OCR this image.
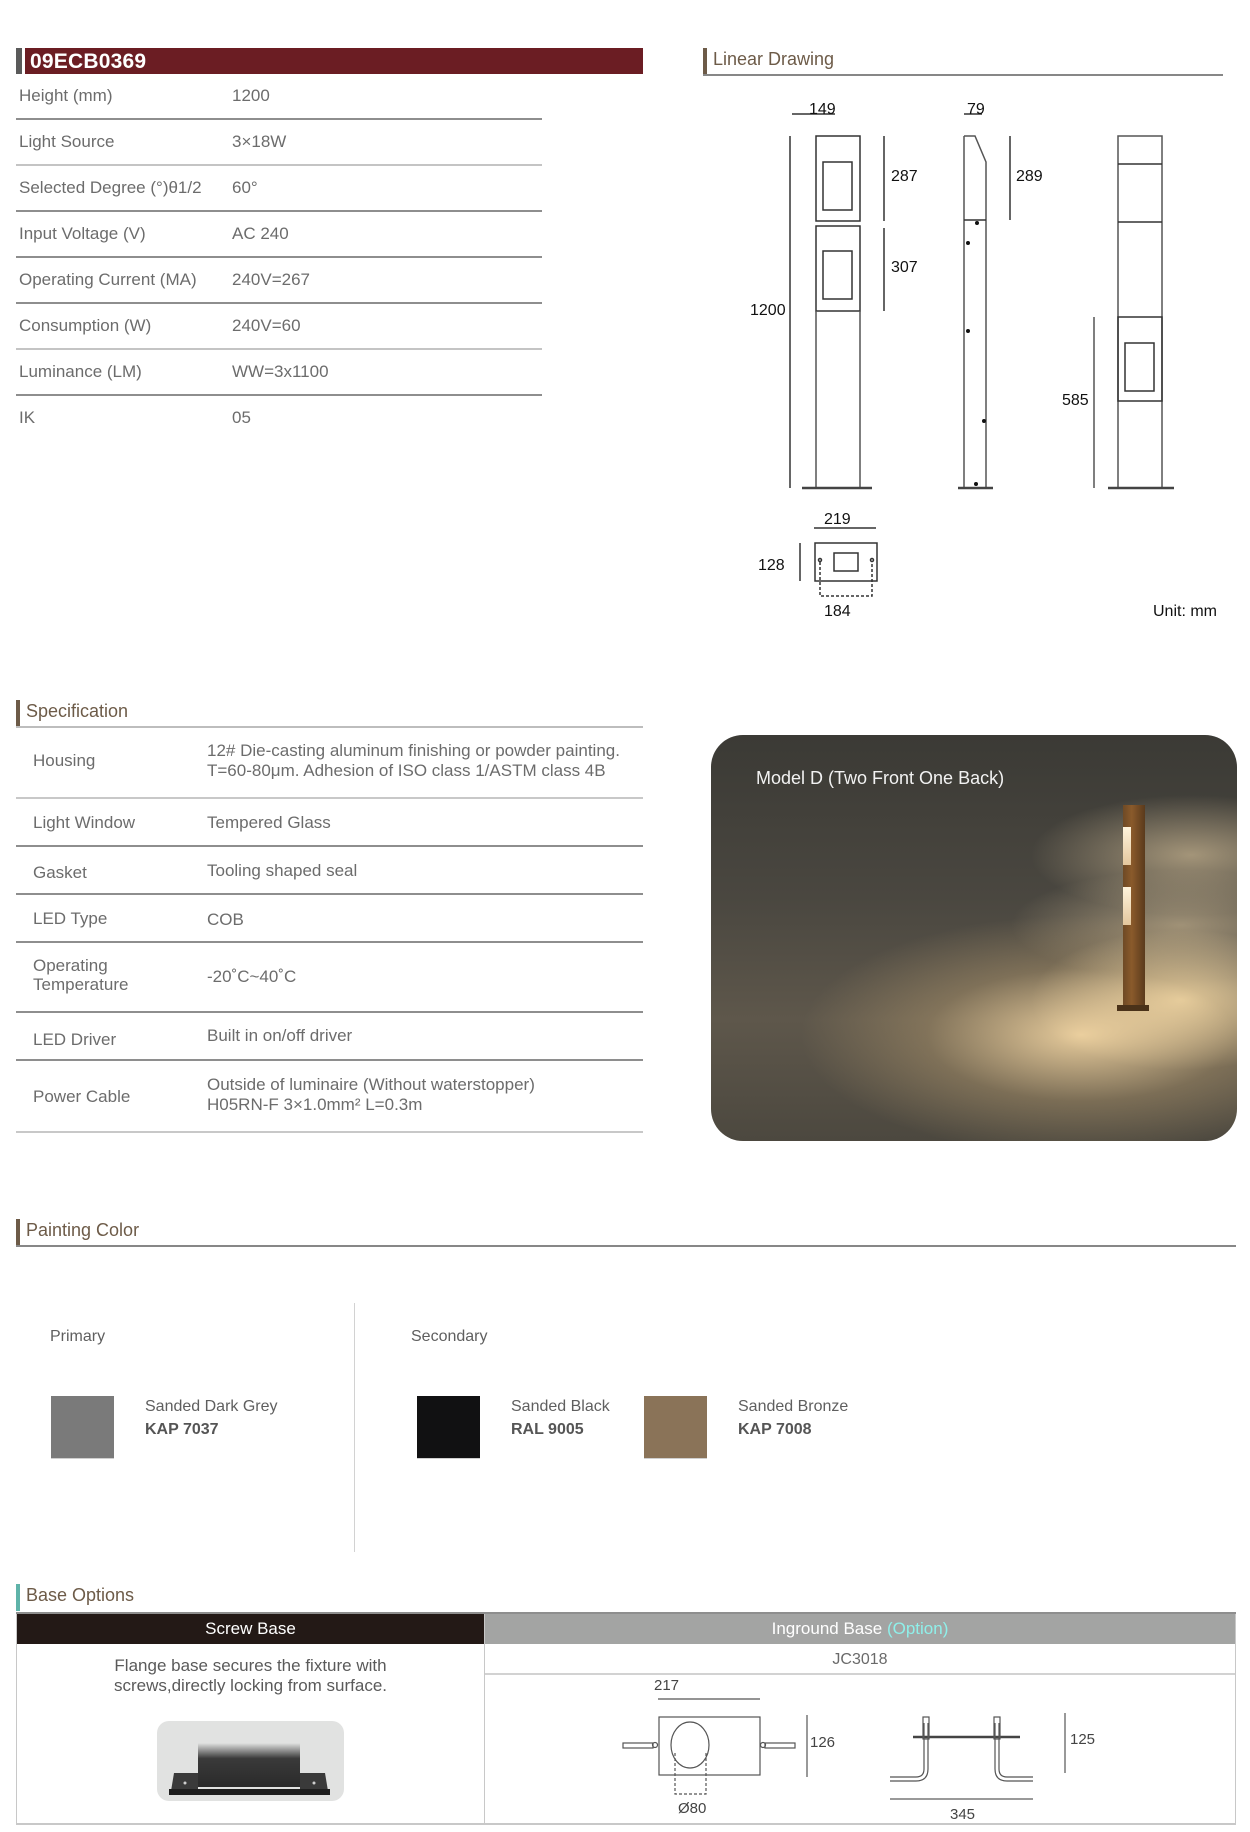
09ECB0369
Height (mm)	1200
Light Source	3×18W
Selected Degree (°)θ1/2 60°
Input Voltage (V)	AC 240
Operating Current (MA) 240V=267
Consumption (W)	240V=60
Luminance (LM)	WW=3x1100
IK	05
Linear Drawing
149	79
287
307
289
1200
585
219
128
184	Unit: mm
Specification
Housing
12# Die-casting aluminum finishing or powder painting.
T=60-80μm. Adhesion of ISO class 1/ASTM class 4B
Light Window	Tempered Glass
Gasket	Tooling shaped seal
LED Type	COB
Operating
Temperature	-20˚C~40˚C
LED Driver	Built in on/off driver
Power Cable
Outside of luminaire (Without waterstopper)
H05RN-F 3×1.0mm² L=0.3m
Model D (Two Front One Back)
Painting Color
Primary	Secondary
Sanded Dark Grey
KAP 7037
Sanded Black
RAL 9005
Sanded Bronze
KAP 7008
Base Options
Screw Base
Flange base secures the fixture with
screws,directly locking from surface.
Inground Base (Option)
JC3018
217
126
Ø80
125
345
